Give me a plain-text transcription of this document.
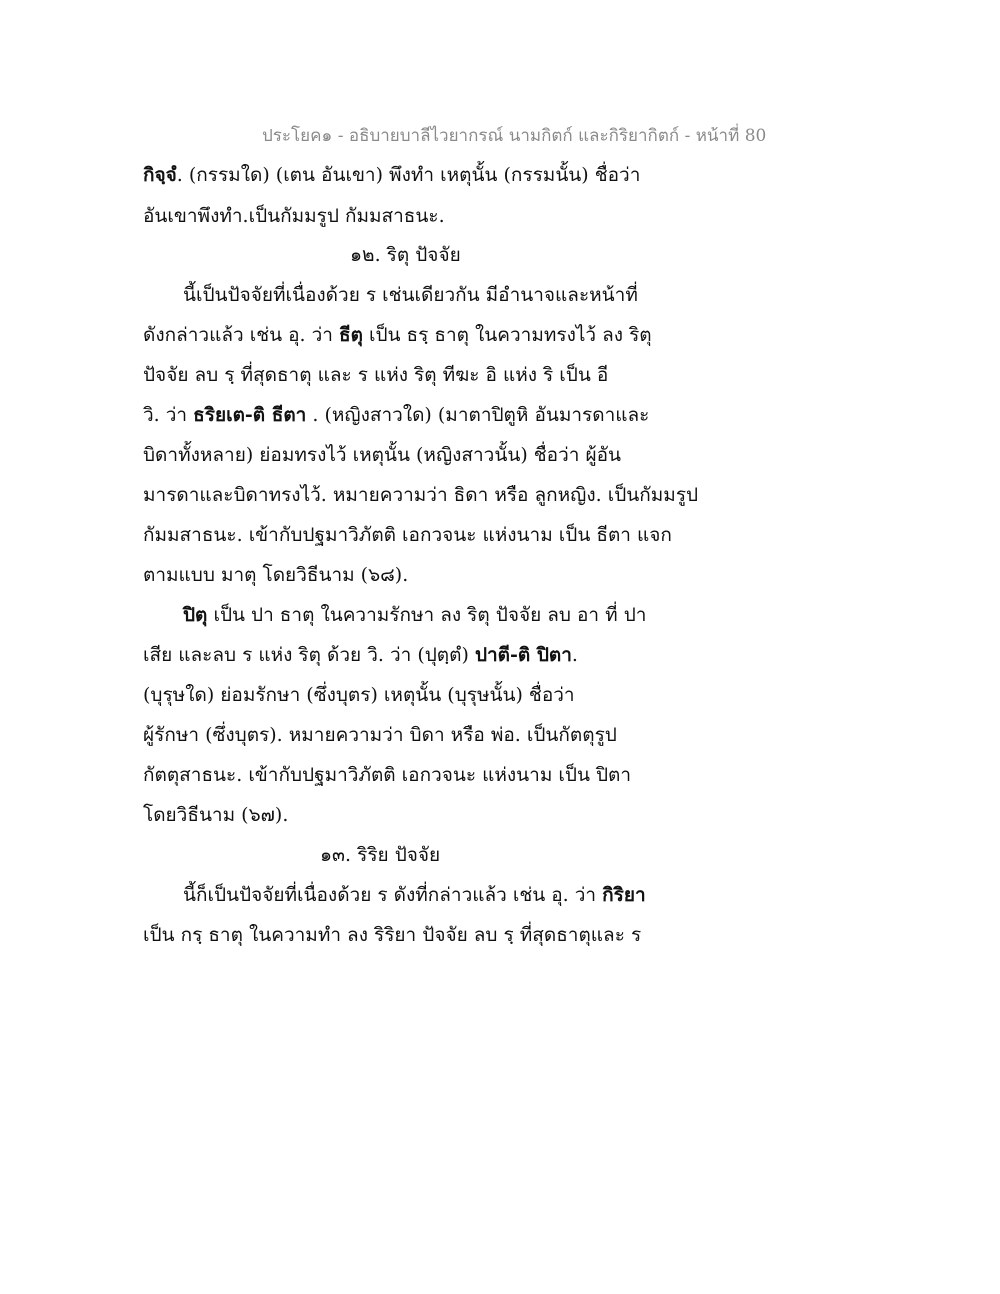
ประโยค๑ - อธิบายบาลีไวยากรณ์ นามกิตก์ และกิริยากิตก์ - หน้าที่ 80
กิจฺจํ. (กรรมใด) (เตน อันเขา) พึงทำ เหตุนั้น (กรรมนั้น) ชื่อว่า
อันเขาพึงทำ.เป็นกัมมรูป กัมมสาธนะ.
๑๒. ริตุ ปัจจัย
นี้เป็นปัจจัยที่เนื่องด้วย ร เช่นเดียวกัน มีอำนาจและหน้าที่
ดังกล่าวแล้ว เช่น อุ. ว่า ธีตุ เป็น ธรฺ ธาตุ ในความทรงไว้ ลง ริตุ
ปัจจัย ลบ รฺ ที่สุดธาตุ และ ร แห่ง ริตุ ทีฆะ อิ แห่ง ริ เป็น อี
วิ. ว่า ธริยเต-ติ ธีตา . (หญิงสาวใด) (มาตาปิตูหิ อันมารดาและ
บิดาทั้งหลาย) ย่อมทรงไว้ เหตุนั้น (หญิงสาวนั้น) ชื่อว่า ผู้อัน
มารดาและบิดาทรงไว้. หมายความว่า ธิดา หรือ ลูกหญิง. เป็นกัมมรูป
กัมมสาธนะ. เข้ากับปฐมาวิภัตติ เอกวจนะ แห่งนาม เป็น ธีตา แจก
ตามแบบ มาตุ โดยวิธีนาม (๖๘).
ปิตุ เป็น ปา ธาตุ ในความรักษา ลง ริตุ ปัจจัย ลบ อา ที่ ปา
เสีย และลบ ร แห่ง ริตุ ด้วย วิ. ว่า (ปุตฺตํ) ปาตี-ติ ปิตา.
(บุรุษใด) ย่อมรักษา (ซึ่งบุตร) เหตุนั้น (บุรุษนั้น) ชื่อว่า
ผู้รักษา (ซึ่งบุตร). หมายความว่า บิดา หรือ พ่อ. เป็นกัตตุรูป
กัตตุสาธนะ. เข้ากับปฐมาวิภัตติ เอกวจนะ แห่งนาม เป็น ปิตา
โดยวิธีนาม (๖๗).
๑๓. ริริย ปัจจัย
นี้ก็เป็นปัจจัยที่เนื่องด้วย ร ดังที่กล่าวแล้ว เช่น อุ. ว่า กิริยา
เป็น กรฺ ธาตุ ในความทำ ลง ริริยา ปัจจัย ลบ รฺ ที่สุดธาตุและ ร
